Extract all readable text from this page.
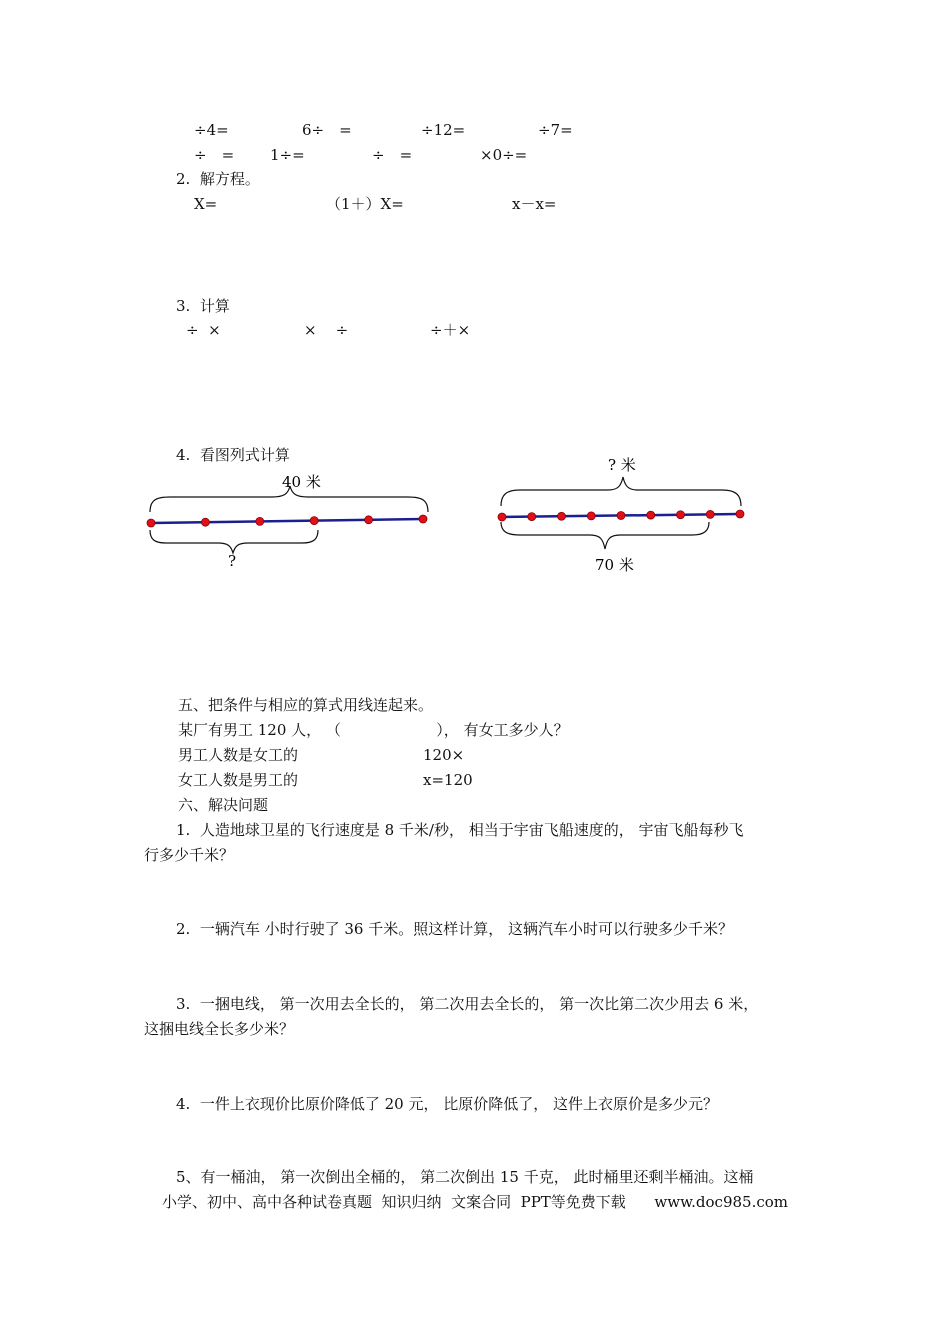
÷4=	6÷　=	÷12=	÷7=
÷　= 1÷=	÷　=	×0÷=
2.  解方程。
X=	（1＋）X=	x－x=
3.  计算
÷  ×	×    ÷	÷＋×
4.  看图列式计算
40 米
?
? 米
70 米
五、把条件与相应的算式用线连起来。
某厂有男工 120 人， （                    ）， 有女工多少人？
男工人数是女工的	120×
女工人数是男工的	x=120
六、解决问题
1.  人造地球卫星的飞行速度是 8 千米/秒， 相当于宇宙飞船速度的， 宇宙飞船每秒飞
行多少千米？
2.  一辆汽车 小时行驶了 36 千米。照这样计算， 这辆汽车小时可以行驶多少千米？
3.  一捆电线， 第一次用去全长的， 第二次用去全长的， 第一次比第二次少用去 6 米，
这捆电线全长多少米？
4.  一件上衣现价比原价降低了 20 元， 比原价降低了， 这件上衣原价是多少元？
5、有一桶油， 第一次倒出全桶的， 第二次倒出 15 千克， 此时桶里还剩半桶油。这桶
小学、初中、高中各种试卷真题  知识归纳  文案合同  PPT等免费下载      www.doc985.com
